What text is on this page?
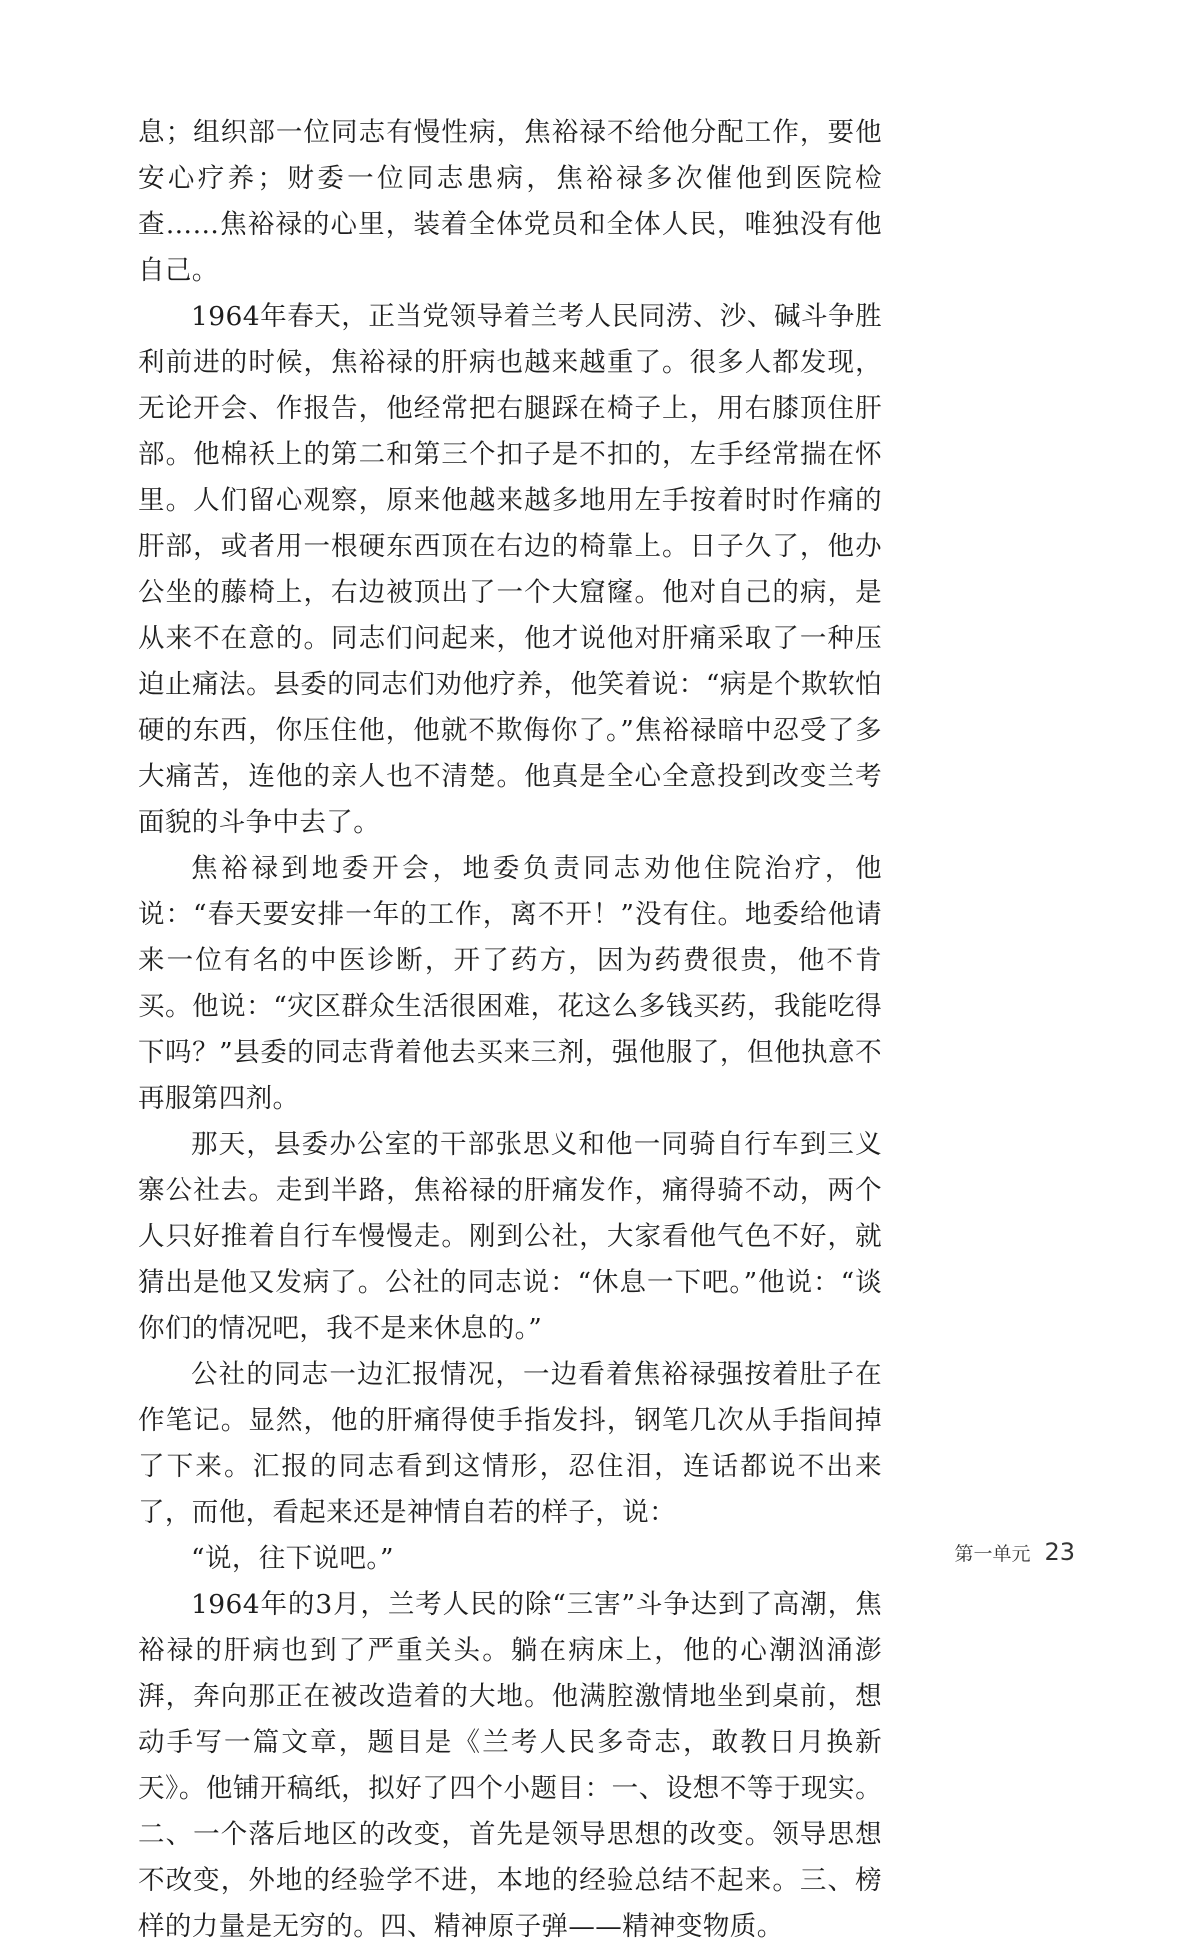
息；组织部一位同志有慢性病，焦裕禄不给他分配工作，要他安心疗养；财委一位同志患病，焦裕禄多次催他到医院检查……焦裕禄的心里，装着全体党员和全体人民，唯独没有他自己。

1964年春天，正当党领导着兰考人民同涝、沙、碱斗争胜利前进的时候，焦裕禄的肝病也越来越重了。很多人都发现，无论开会、作报告，他经常把右腿踩在椅子上，用右膝顶住肝部。他棉袄上的第二和第三个扣子是不扣的，左手经常揣在怀里。人们留心观察，原来他越来越多地用左手按着时时作痛的肝部，或者用一根硬东西顶在右边的椅靠上。日子久了，他办公坐的藤椅上，右边被顶出了一个大窟窿。他对自己的病，是从来不在意的。同志们问起来，他才说他对肝痛采取了一种压迫止痛法。县委的同志们劝他疗养，他笑着说：“病是个欺软怕硬的东西，你压住他，他就不欺侮你了。”焦裕禄暗中忍受了多大痛苦，连他的亲人也不清楚。他真是全心全意投到改变兰考面貌的斗争中去了。

焦裕禄到地委开会，地委负责同志劝他住院治疗，他说：“春天要安排一年的工作，离不开！”没有住。地委给他请来一位有名的中医诊断，开了药方，因为药费很贵，他不肯买。他说：“灾区群众生活很困难，花这么多钱买药，我能吃得下吗？”县委的同志背着他去买来三剂，强他服了，但他执意不再服第四剂。

那天，县委办公室的干部张思义和他一同骑自行车到三义寨公社去。走到半路，焦裕禄的肝痛发作，痛得骑不动，两个人只好推着自行车慢慢走。刚到公社，大家看他气色不好，就猜出是他又发病了。公社的同志说：“休息一下吧。”他说：“谈你们的情况吧，我不是来休息的。”

公社的同志一边汇报情况，一边看着焦裕禄强按着肚子在作笔记。显然，他的肝痛得使手指发抖，钢笔几次从手指间掉了下来。汇报的同志看到这情形，忍住泪，连话都说不出来了，而他，看起来还是神情自若的样子，说：

“说，往下说吧。”

1964年的3月，兰考人民的除“三害”斗争达到了高潮，焦裕禄的肝病也到了严重关头。躺在病床上，他的心潮汹涌澎湃，奔向那正在被改造着的大地。他满腔激情地坐到桌前，想动手写一篇文章，题目是《兰考人民多奇志，敢教日月换新天》。他铺开稿纸，拟好了四个小题目：一、设想不等于现实。二、一个落后地区的改变，首先是领导思想的改变。领导思想不改变，外地的经验学不进，本地的经验总结不起来。三、榜样的力量是无穷的。四、精神原子弹——精神变物质。

第一单元 23
